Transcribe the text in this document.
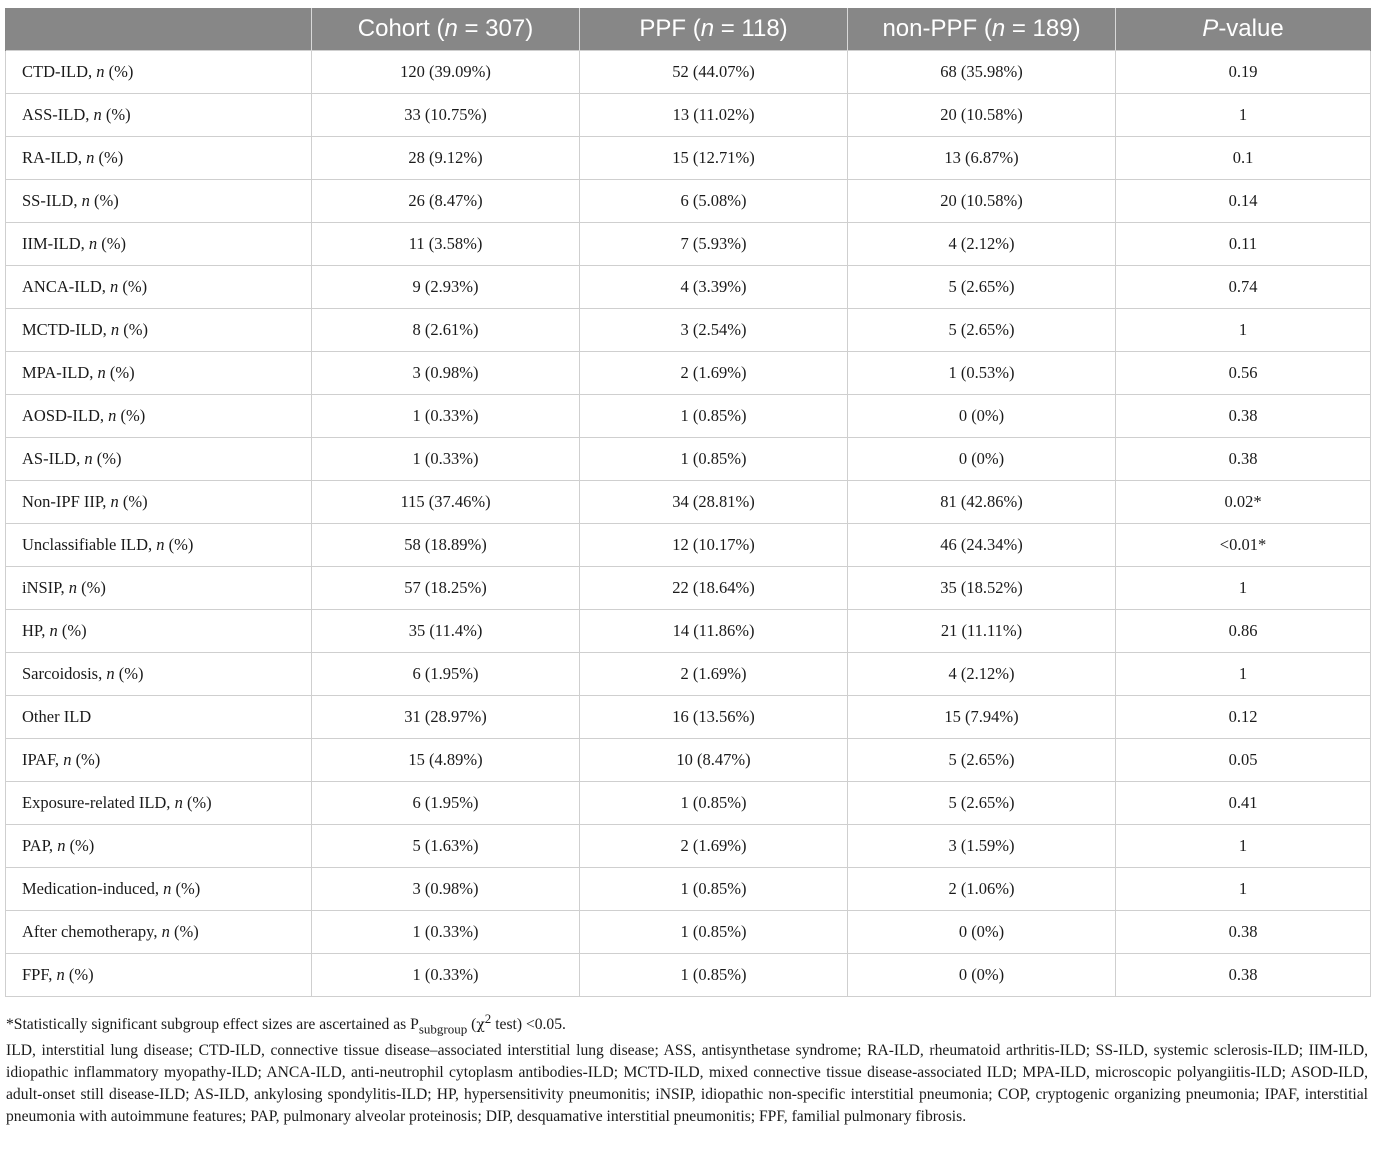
	Cohort (n = 307)	PPF (n = 118)	non-PPF (n = 189)	P-value
CTD-ILD, n (%)	120 (39.09%)	52 (44.07%)	68 (35.98%)	0.19
ASS-ILD, n (%)	33 (10.75%)	13 (11.02%)	20 (10.58%)	1
RA-ILD, n (%)	28 (9.12%)	15 (12.71%)	13 (6.87%)	0.1
SS-ILD, n (%)	26 (8.47%)	6 (5.08%)	20 (10.58%)	0.14
IIM-ILD, n (%)	11 (3.58%)	7 (5.93%)	4 (2.12%)	0.11
ANCA-ILD, n (%)	9 (2.93%)	4 (3.39%)	5 (2.65%)	0.74
MCTD-ILD, n (%)	8 (2.61%)	3 (2.54%)	5 (2.65%)	1
MPA-ILD, n (%)	3 (0.98%)	2 (1.69%)	1 (0.53%)	0.56
AOSD-ILD, n (%)	1 (0.33%)	1 (0.85%)	0 (0%)	0.38
AS-ILD, n (%)	1 (0.33%)	1 (0.85%)	0 (0%)	0.38
Non-IPF IIP, n (%)	115 (37.46%)	34 (28.81%)	81 (42.86%)	0.02*
Unclassifiable ILD, n (%)	58 (18.89%)	12 (10.17%)	46 (24.34%)	<0.01*
iNSIP, n (%)	57 (18.25%)	22 (18.64%)	35 (18.52%)	1
HP, n (%)	35 (11.4%)	14 (11.86%)	21 (11.11%)	0.86
Sarcoidosis, n (%)	6 (1.95%)	2 (1.69%)	4 (2.12%)	1
Other ILD	31 (28.97%)	16 (13.56%)	15 (7.94%)	0.12
IPAF, n (%)	15 (4.89%)	10 (8.47%)	5 (2.65%)	0.05
Exposure-related ILD, n (%)	6 (1.95%)	1 (0.85%)	5 (2.65%)	0.41
PAP, n (%)	5 (1.63%)	2 (1.69%)	3 (1.59%)	1
Medication-induced, n (%)	3 (0.98%)	1 (0.85%)	2 (1.06%)	1
After chemotherapy, n (%)	1 (0.33%)	1 (0.85%)	0 (0%)	0.38
FPF, n (%)	1 (0.33%)	1 (0.85%)	0 (0%)	0.38

*Statistically significant subgroup effect sizes are ascertained as $P_{subgroup}$ ($\chi^2$ test) <0.05.

ILD, interstitial lung disease; CTD-ILD, connective tissue disease–associated interstitial lung disease; ASS, antisynthetase syndrome; RA-ILD, rheumatoid arthritis-ILD; SS-ILD, systemic sclerosis-ILD; IIM-ILD, idiopathic inflammatory myopathy-ILD; ANCA-ILD, anti-neutrophil cytoplasm antibodies-ILD; MCTD-ILD, mixed connective tissue disease-associated ILD; MPA-ILD, microscopic polyangiitis-ILD; ASOD-ILD, adult-onset still disease-ILD; AS-ILD, ankylosing spondylitis-ILD; HP, hypersensitivity pneumonitis; iNSIP, idiopathic non-specific interstitial pneumonia; COP, cryptogenic organizing pneumonia; IPAF, interstitial pneumonia with autoimmune features; PAP, pulmonary alveolar proteinosis; DIP, desquamative interstitial pneumonitis; FPF, familial pulmonary fibrosis.
